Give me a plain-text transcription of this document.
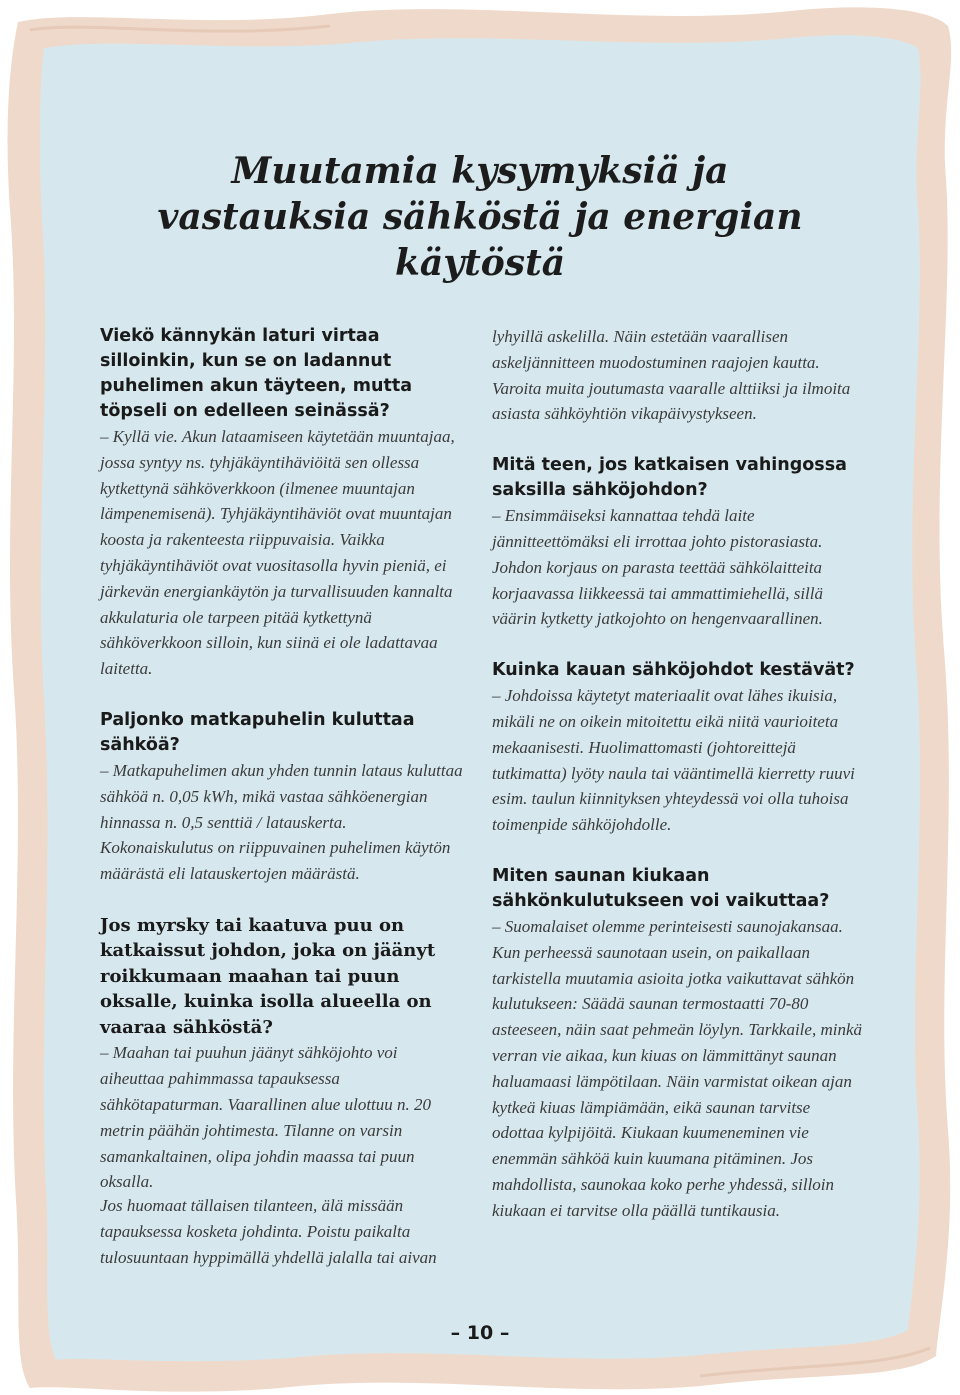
Muutamia kysymyksiä ja
vastauksia sähköstä ja energian
käytöstä

Viekö kännykän laturi virtaa silloinkin, kun se on ladannut puhelimen akun täyteen, mutta töpseli on edelleen seinässä?

– Kyllä vie. Akun lataamiseen käytetään muuntajaa, jossa syntyy ns. tyhjäkäyntihäviöitä sen ollessa kytkettynä sähköverkkoon (ilmenee muuntajan lämpenemisenä). Tyhjäkäyntihäviöt ovat muuntajan koosta ja rakenteesta riippuvaisia. Vaikka tyhjäkäyntihäviöt ovat vuositasolla hyvin pieniä, ei järkevän energiankäytön ja turvallisuuden kannalta akkulaturia ole tarpeen pitää kytkettynä sähköverkkoon silloin, kun siinä ei ole ladattavaa laitetta.

Paljonko matkapuhelin kuluttaa sähköä?

– Matkapuhelimen akun yhden tunnin lataus kuluttaa sähköä n. 0,05 kWh, mikä vastaa sähköenergian hinnassa n. 0,5 senttiä / latauskerta. Kokonaiskulutus on riippuvainen puhelimen käytön määrästä eli latauskertojen määrästä.

Jos myrsky tai kaatuva puu on katkaissut johdon, joka on jäänyt roikkumaan maahan tai puun oksalle, kuinka isolla alueella on vaaraa sähköstä?

– Maahan tai puuhun jäänyt sähköjohto voi aiheuttaa pahimmassa tapauksessa sähkötapaturman. Vaarallinen alue ulottuu n. 20 metrin päähän johtimesta. Tilanne on varsin samankaltainen, olipa johdin maassa tai puun oksalla.

Jos huomaat tällaisen tilanteen, älä missään tapauksessa kosketa johdinta. Poistu paikalta tulosuuntaan hyppimällä yhdellä jalalla tai aivan

lyhyillä askelilla. Näin estetään vaarallisen askeljännitteen muodostuminen raajojen kautta. Varoita muita joutumasta vaaralle alttiiksi ja ilmoita asiasta sähköyhtiön vikapäivystykseen.

Mitä teen, jos katkaisen vahingossa saksilla sähköjohdon?

– Ensimmäiseksi kannattaa tehdä laite jännitteettömäksi eli irrottaa johto pistorasiasta. Johdon korjaus on parasta teettää sähkölaitteita korjaavassa liikkeessä tai ammattimiehellä, sillä väärin kytketty jatkojohto on hengenvaarallinen.

Kuinka kauan sähköjohdot kestävät?

– Johdoissa käytetyt materiaalit ovat lähes ikuisia, mikäli ne on oikein mitoitettu eikä niitä vaurioiteta mekaanisesti. Huolimattomasti (johtoreittejä tutkimatta) lyöty naula tai vääntimellä kierretty ruuvi esim. taulun kiinnityksen yhteydessä voi olla tuhoisa toimenpide sähköjohdolle.

Miten saunan kiukaan sähkönkulutukseen voi vaikuttaa?

– Suomalaiset olemme perinteisesti saunojakansaa. Kun perheessä saunotaan usein, on paikallaan tarkistella muutamia asioita jotka vaikuttavat sähkön kulutukseen: Säädä saunan termostaatti 70-80 asteeseen, näin saat pehmeän löylyn. Tarkkaile, minkä verran vie aikaa, kun kiuas on lämmittänyt saunan haluamaasi lämpötilaan. Näin varmistat oikean ajan kytkeä kiuas lämpiämään, eikä saunan tarvitse odottaa kylpijöitä. Kiukaan kuumeneminen vie enemmän sähköä kuin kuumana pitäminen. Jos mahdollista, saunokaa koko perhe yhdessä, silloin kiukaan ei tarvitse olla päällä tuntikausia.

– 10 –
